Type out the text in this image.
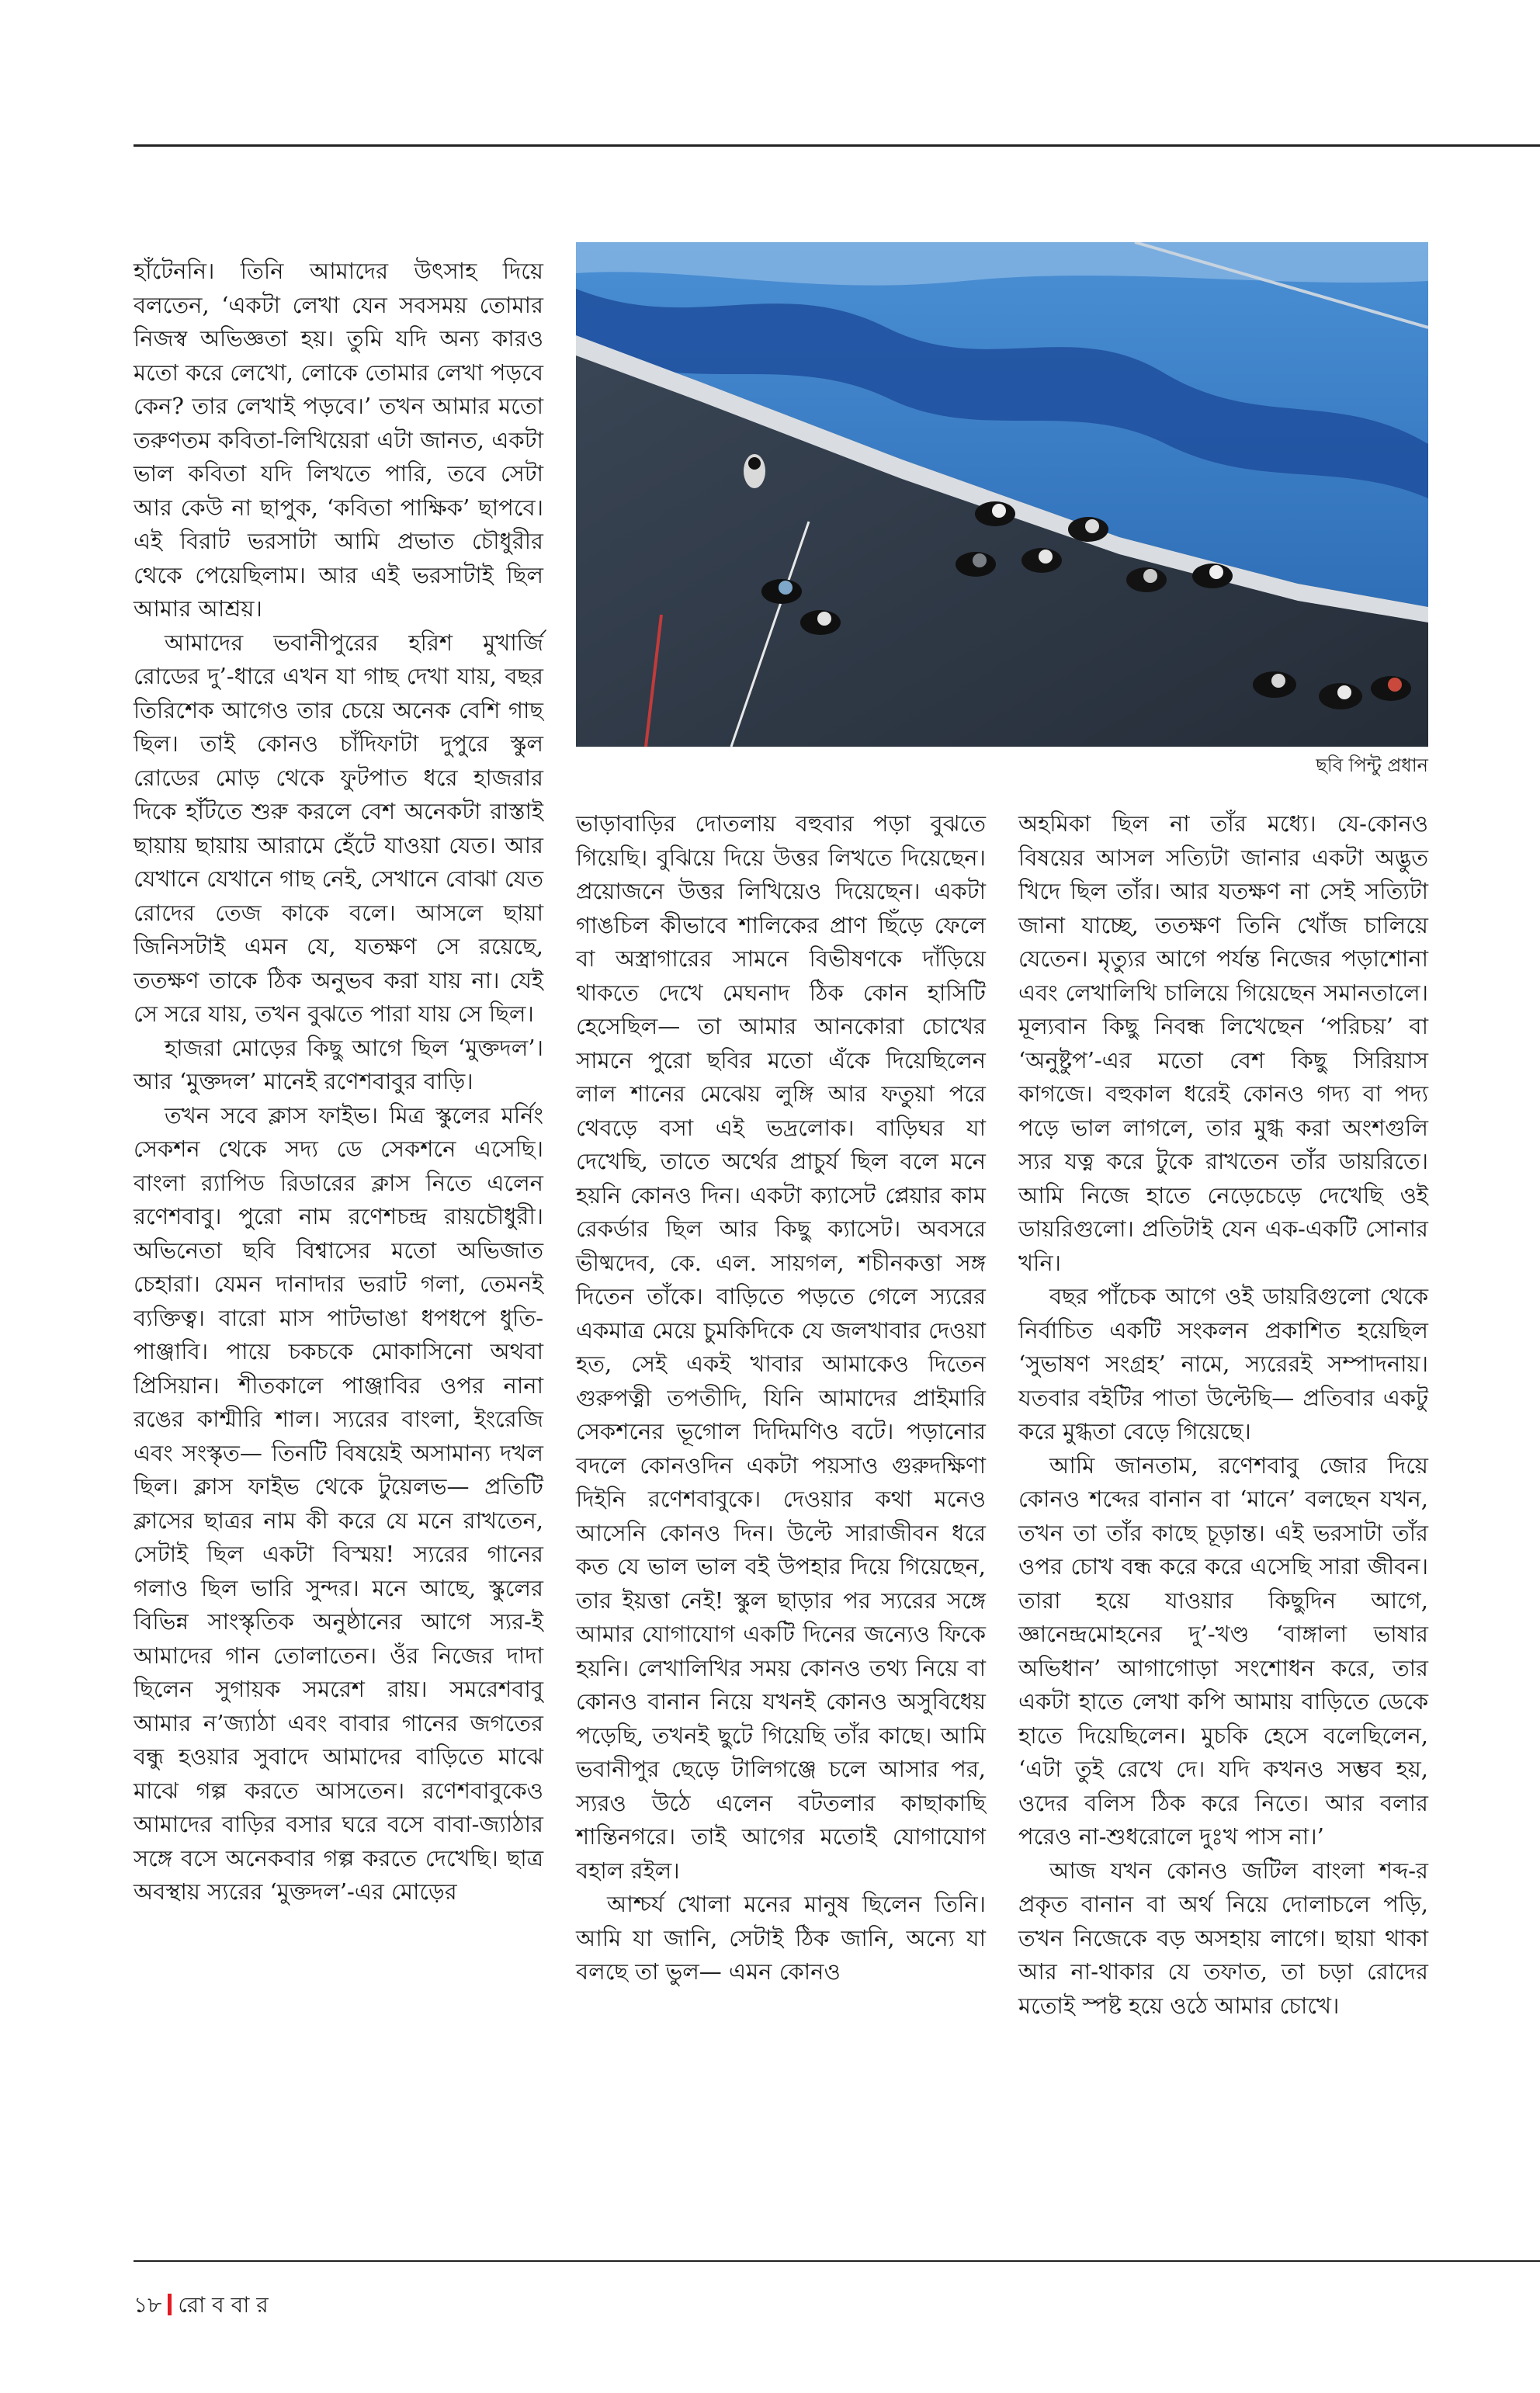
হাঁটেননি। তিনি আমাদের উৎসাহ দিয়ে বলতেন, ‘একটা লেখা যেন সবসময় তোমার নিজস্ব অভিজ্ঞতা হয়। তুমি যদি অন্য কারও মতো করে লেখো, লোকে তোমার লেখা পড়বে কেন? তার লেখাই পড়বে।’ তখন আমার মতো তরুণতম কবিতা-লিখিয়েরা এটা জানত, একটা ভাল কবিতা যদি লিখতে পারি, তবে সেটা আর কেউ না ছাপুক, ‘কবিতা পাক্ষিক’ ছাপবে। এই বিরাট ভরসাটা আমি প্রভাত চৌধুরীর থেকে পেয়েছিলাম। আর এই ভরসাটাই ছিল আমার আশ্রয়।

আমাদের ভবানীপুরের হরিশ মুখার্জি রোডের দু’-ধারে এখন যা গাছ দেখা যায়, বছর তিরিশেক আগেও তার চেয়ে অনেক বেশি গাছ ছিল। তাই কোনও চাঁদিফাটা দুপুরে স্কুল রোডের মোড় থেকে ফুটপাত ধরে হাজরার দিকে হাঁটতে শুরু করলে বেশ অনেকটা রাস্তাই ছায়ায় ছায়ায় আরামে হেঁটে যাওয়া যেত। আর যেখানে যেখানে গাছ নেই, সেখানে বোঝা যেত রোদের তেজ কাকে বলে। আসলে ছায়া জিনিসটাই এমন যে, যতক্ষণ সে রয়েছে, ততক্ষণ তাকে ঠিক অনুভব করা যায় না। যেই সে সরে যায়, তখন বুঝতে পারা যায় সে ছিল।

হাজরা মোড়ের কিছু আগে ছিল ‘মুক্তদল’। আর ‘মুক্তদল’ মানেই রণেশবাবুর বাড়ি।

তখন সবে ক্লাস ফাইভ। মিত্র স্কুলের মর্নিং সেকশন থেকে সদ্য ডে সেকশনে এসেছি। বাংলা র‍্যাপিড রিডারের ক্লাস নিতে এলেন রণেশবাবু। পুরো নাম রণেশচন্দ্র রায়চৌধুরী। অভিনেতা ছবি বিশ্বাসের মতো অভিজাত চেহারা। যেমন দানাদার ভরাট গলা, তেমনই ব্যক্তিত্ব। বারো মাস পাটভাঙা ধপধপে ধুতি-পাঞ্জাবি। পায়ে চকচকে মোকাসিনো অথবা প্রিসিয়ান। শীতকালে পাঞ্জাবির ওপর নানা রঙের কাশ্মীরি শাল। স্যরের বাংলা, ইংরেজি এবং সংস্কৃত— তিনটি বিষয়েই অসামান্য দখল ছিল। ক্লাস ফাইভ থেকে টুয়েলভ— প্রতিটি ক্লাসের ছাত্রর নাম কী করে যে মনে রাখতেন, সেটাই ছিল একটা বিস্ময়! স্যরের গানের গলাও ছিল ভারি সুন্দর। মনে আছে, স্কুলের বিভিন্ন সাংস্কৃতিক অনুষ্ঠানের আগে স্যর-ই আমাদের গান তোলাতেন। ওঁর নিজের দাদা ছিলেন সুগায়ক সমরেশ রায়। সমরেশবাবু আমার ন’জ্যাঠা এবং বাবার গানের জগতের বন্ধু হওয়ার সুবাদে আমাদের বাড়িতে মাঝে মাঝে গল্প করতে আসতেন। রণেশবাবুকেও আমাদের বাড়ির বসার ঘরে বসে বাবা-জ্যাঠার সঙ্গে বসে অনেকবার গল্প করতে দেখেছি। ছাত্র অবস্থায় স্যরের ‘মুক্তদল’-এর মোড়ের

ছবি পিন্টু প্রধান

ভাড়াবাড়ির দোতলায় বহুবার পড়া বুঝতে গিয়েছি। বুঝিয়ে দিয়ে উত্তর লিখতে দিয়েছেন। প্রয়োজনে উত্তর লিখিয়েও দিয়েছেন। একটা গাঙচিল কীভাবে শালিকের প্রাণ ছিঁড়ে ফেলে বা অস্ত্রাগারের সামনে বিভীষণকে দাঁড়িয়ে থাকতে দেখে মেঘনাদ ঠিক কোন হাসিটি হেসেছিল— তা আমার আনকোরা চোখের সামনে পুরো ছবির মতো এঁকে দিয়েছিলেন লাল শানের মেঝেয় লুঙ্গি আর ফতুয়া পরে থেবড়ে বসা এই ভদ্রলোক। বাড়িঘর যা দেখেছি, তাতে অর্থের প্রাচুর্য ছিল বলে মনে হয়নি কোনও দিন। একটা ক্যাসেট প্লেয়ার কাম রেকর্ডার ছিল আর কিছু ক্যাসেট। অবসরে ভীষ্মদেব, কে. এল. সায়গল, শচীনকত্তা সঙ্গ দিতেন তাঁকে। বাড়িতে পড়তে গেলে স্যরের একমাত্র মেয়ে চুমকিদিকে যে জলখাবার দেওয়া হত, সেই একই খাবার আমাকেও দিতেন গুরুপত্নী তপতীদি, যিনি আমাদের প্রাইমারি সেকশনের ভূগোল দিদিমণিও বটে। পড়ানোর বদলে কোনওদিন একটা পয়সাও গুরুদক্ষিণা দিইনি রণেশবাবুকে। দেওয়ার কথা মনেও আসেনি কোনও দিন। উল্টে সারাজীবন ধরে কত যে ভাল ভাল বই উপহার দিয়ে গিয়েছেন, তার ইয়ত্তা নেই! স্কুল ছাড়ার পর স্যরের সঙ্গে আমার যোগাযোগ একটি দিনের জন্যেও ফিকে হয়নি। লেখালিখির সময় কোনও তথ্য নিয়ে বা কোনও বানান নিয়ে যখনই কোনও অসুবিধেয় পড়েছি, তখনই ছুটে গিয়েছি তাঁর কাছে। আমি ভবানীপুর ছেড়ে টালিগঞ্জে চলে আসার পর, স্যরও উঠে এলেন বটতলার কাছাকাছি শান্তিনগরে। তাই আগের মতোই যোগাযোগ বহাল রইল।

আশ্চর্য খোলা মনের মানুষ ছিলেন তিনি। আমি যা জানি, সেটাই ঠিক জানি, অন্যে যা বলছে তা ভুল— এমন কোনও

অহমিকা ছিল না তাঁর মধ্যে। যে-কোনও বিষয়ের আসল সত্যিটা জানার একটা অদ্ভুত খিদে ছিল তাঁর। আর যতক্ষণ না সেই সত্যিটা জানা যাচ্ছে, ততক্ষণ তিনি খোঁজ চালিয়ে যেতেন। মৃত্যুর আগে পর্যন্ত নিজের পড়াশোনা এবং লেখালিখি চালিয়ে গিয়েছেন সমানতালে। মূল্যবান কিছু নিবন্ধ লিখেছেন ‘পরিচয়’ বা ‘অনুষ্টুপ’-এর মতো বেশ কিছু সিরিয়াস কাগজে। বহুকাল ধরেই কোনও গদ্য বা পদ্য পড়ে ভাল লাগলে, তার মুগ্ধ করা অংশগুলি স্যর যত্ন করে টুকে রাখতেন তাঁর ডায়রিতে। আমি নিজে হাতে নেড়েচেড়ে দেখেছি ওই ডায়রিগুলো। প্রতিটাই যেন এক-একটি সোনার খনি।

বছর পাঁচেক আগে ওই ডায়রিগুলো থেকে নির্বাচিত একটি সংকলন প্রকাশিত হয়েছিল ‘সুভাষণ সংগ্রহ’ নামে, স্যরেরই সম্পাদনায়। যতবার বইটির পাতা উল্টেছি— প্রতিবার একটু করে মুগ্ধতা বেড়ে গিয়েছে।

আমি জানতাম, রণেশবাবু জোর দিয়ে কোনও শব্দের বানান বা ‘মানে’ বলছেন যখন, তখন তা তাঁর কাছে চূড়ান্ত। এই ভরসাটা তাঁর ওপর চোখ বন্ধ করে করে এসেছি সারা জীবন। তারা হয়ে যাওয়ার কিছুদিন আগে, জ্ঞানেন্দ্রমোহনের দু’-খণ্ড ‘বাঙ্গালা ভাষার অভিধান’ আগাগোড়া সংশোধন করে, তার একটা হাতে লেখা কপি আমায় বাড়িতে ডেকে হাতে দিয়েছিলেন। মুচকি হেসে বলেছিলেন, ‘এটা তুই রেখে দে। যদি কখনও সম্ভব হয়, ওদের বলিস ঠিক করে নিতে। আর বলার পরেও না-শুধরোলে দুঃখ পাস না।’

আজ যখন কোনও জটিল বাংলা শব্দ-র প্রকৃত বানান বা অর্থ নিয়ে দোলাচলে পড়ি, তখন নিজেকে বড় অসহায় লাগে। ছায়া থাকা আর না-থাকার যে তফাত, তা চড়া রোদের মতোই স্পষ্ট হয়ে ওঠে আমার চোখে।

১৮ রো ব বা র
